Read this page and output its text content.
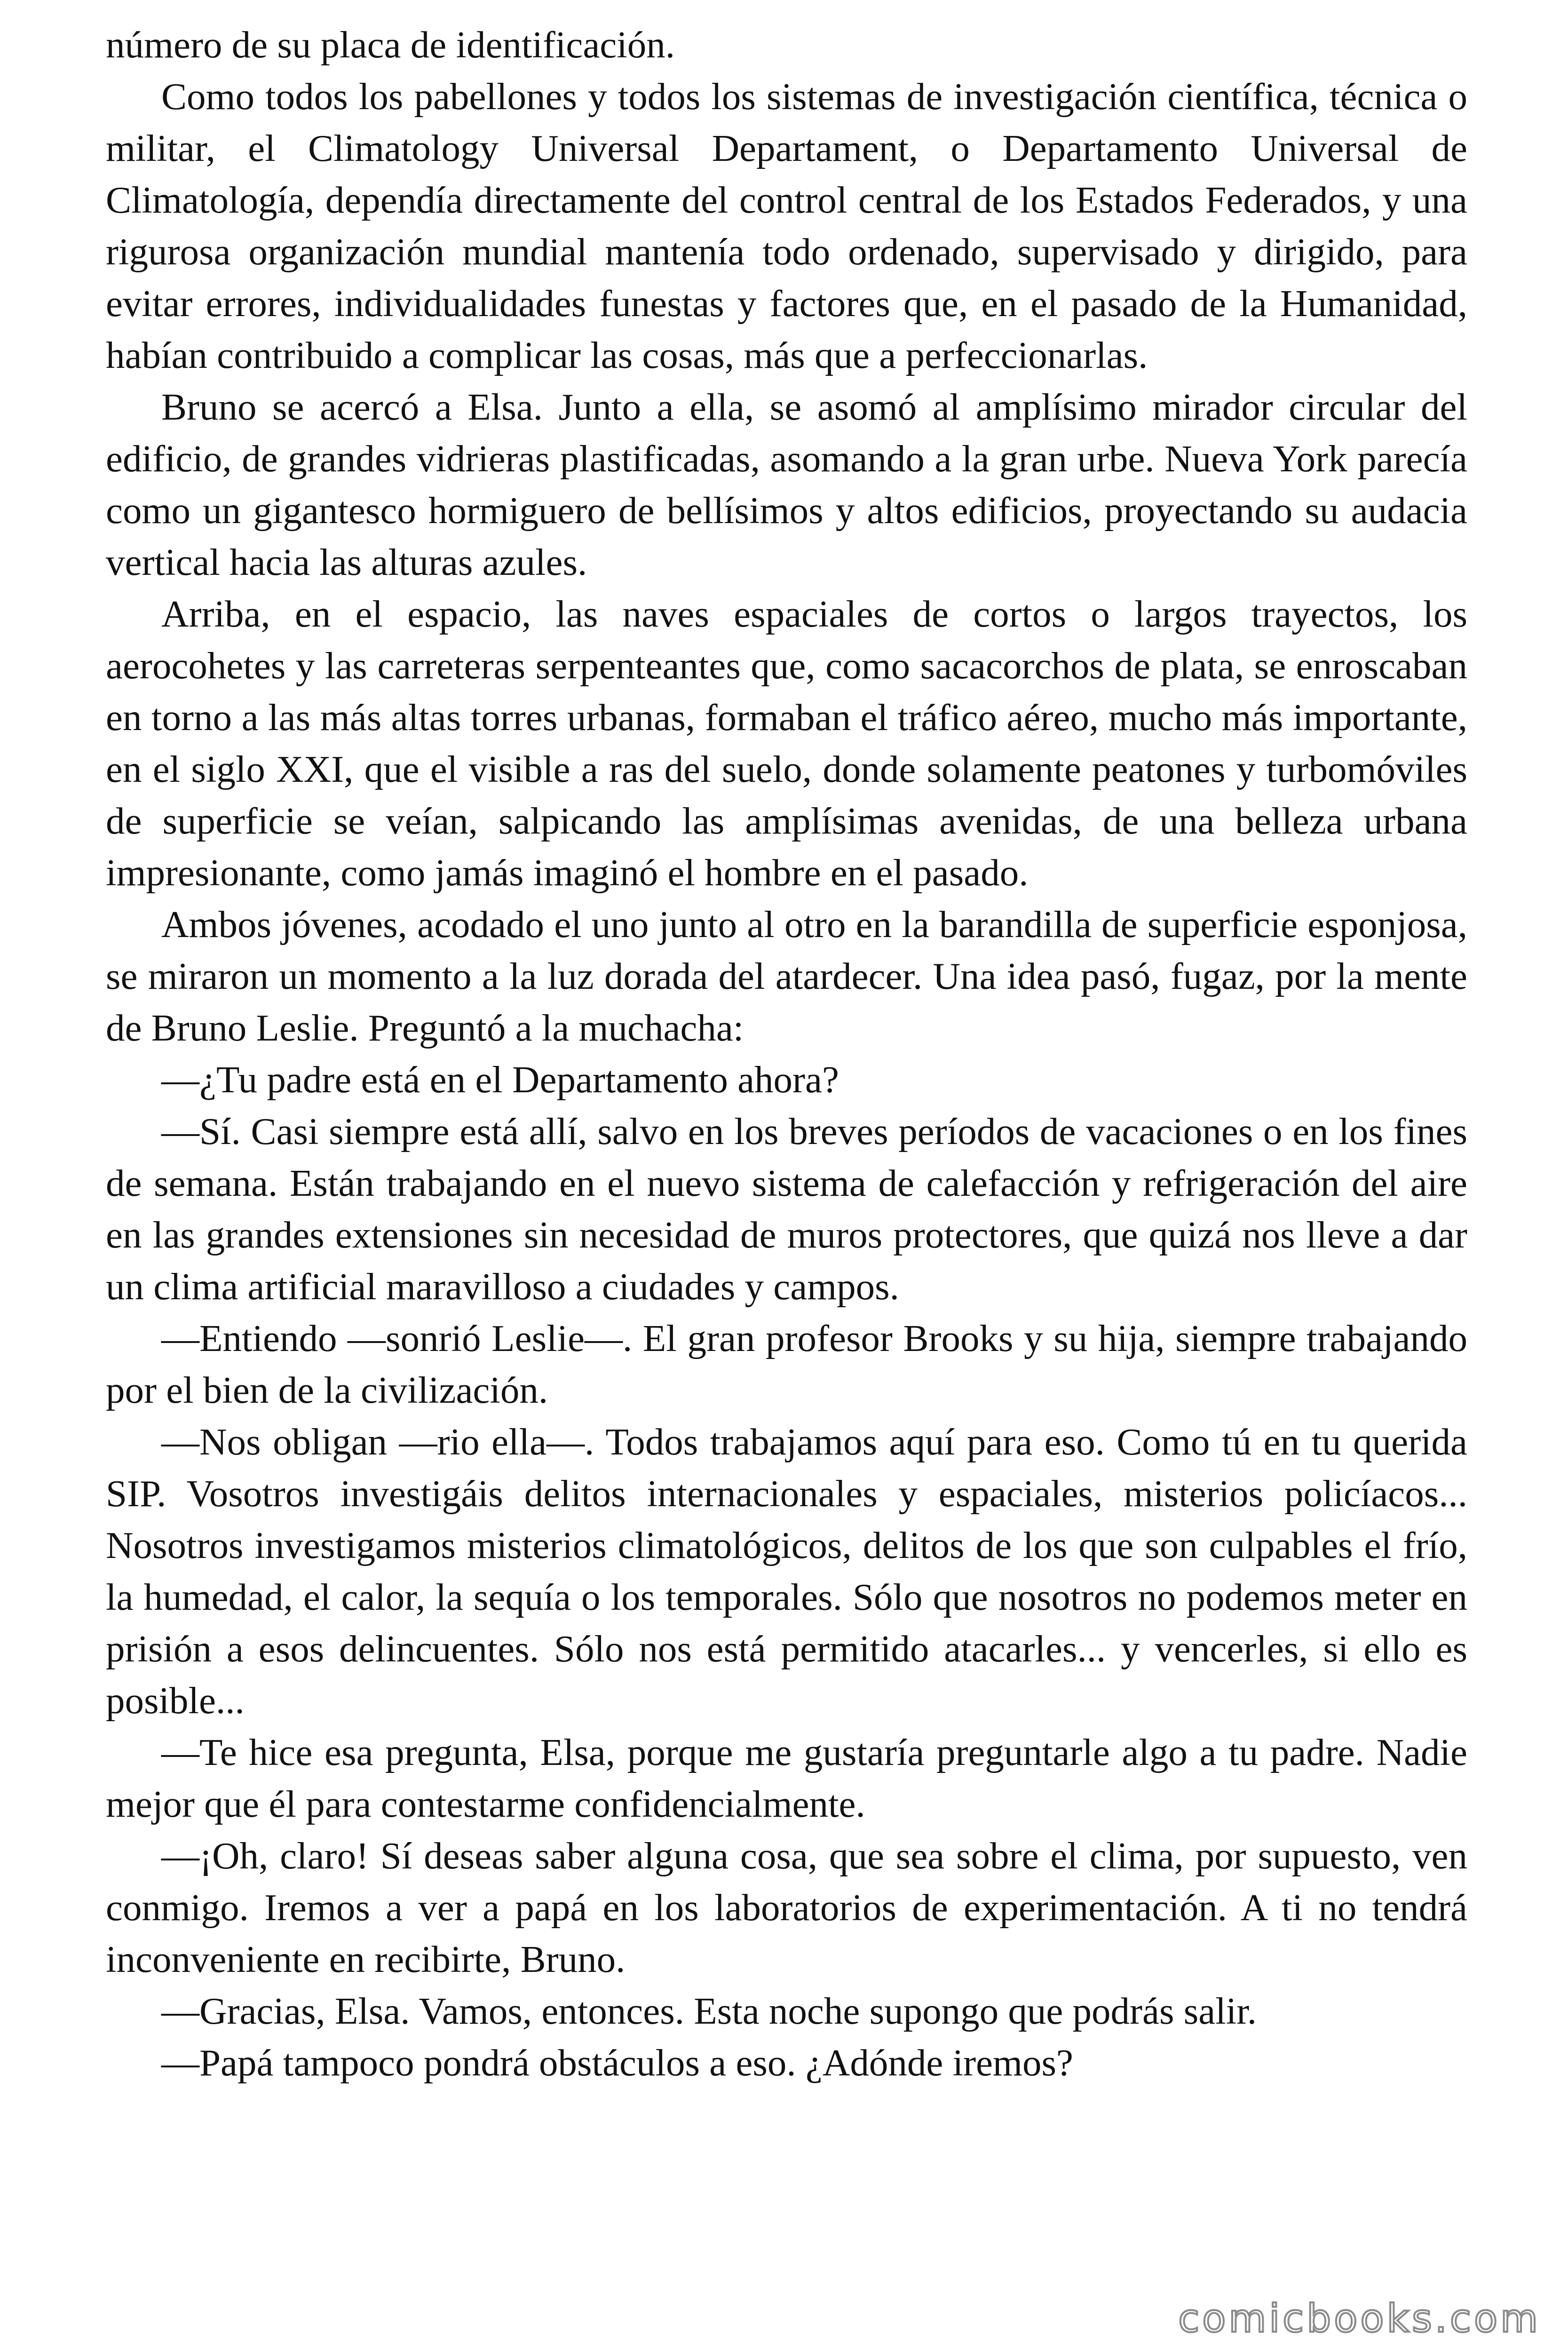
número de su placa de identificación.

Como todos los pabellones y todos los sistemas de investigación científica, técnica o militar, el Climatology Universal Departament, o Departamento Universal de Climatología, dependía directamente del control central de los Estados Federados, y una rigurosa organización mundial mantenía todo ordenado, supervisado y dirigido, para evitar errores, individualidades funestas y factores que, en el pasado de la Humanidad, habían contribuido a complicar las cosas, más que a perfeccionarlas.

Bruno se acercó a Elsa. Junto a ella, se asomó al amplísimo mirador circular del edificio, de grandes vidrieras plastificadas, asomando a la gran urbe. Nueva York parecía como un gigantesco hormiguero de bellísimos y altos edificios, proyectando su audacia vertical hacia las alturas azules.

Arriba, en el espacio, las naves espaciales de cortos o largos trayectos, los aerocohetes y las carreteras serpenteantes que, como sacacorchos de plata, se enroscaban en torno a las más altas torres urbanas, formaban el tráfico aéreo, mucho más importante, en el siglo XXI, que el visible a ras del suelo, donde solamente peatones y turbomóviles de superficie se veían, salpicando las amplísimas avenidas, de una belleza urbana impresionante, como jamás imaginó el hombre en el pasado.

Ambos jóvenes, acodado el uno junto al otro en la barandilla de superficie esponjosa, se miraron un momento a la luz dorada del atardecer. Una idea pasó, fugaz, por la mente de Bruno Leslie. Preguntó a la muchacha:

—¿Tu padre está en el Departamento ahora?

—Sí. Casi siempre está allí, salvo en los breves períodos de vacaciones o en los fines de semana. Están trabajando en el nuevo sistema de calefacción y refrigeración del aire en las grandes extensiones sin necesidad de muros protectores, que quizá nos lleve a dar un clima artificial maravilloso a ciudades y campos.

—Entiendo —sonrió Leslie—. El gran profesor Brooks y su hija, siempre trabajando por el bien de la civilización.

—Nos obligan —rio ella—. Todos trabajamos aquí para eso. Como tú en tu querida SIP. Vosotros investigáis delitos internacionales y espaciales, misterios policíacos... Nosotros investigamos misterios climatológicos, delitos de los que son culpables el frío, la humedad, el calor, la sequía o los temporales. Sólo que nosotros no podemos meter en prisión a esos delincuentes. Sólo nos está permitido atacarles... y vencerles, si ello es posible...

—Te hice esa pregunta, Elsa, porque me gustaría preguntarle algo a tu padre. Nadie mejor que él para contestarme confidencialmente.

—¡Oh, claro! Sí deseas saber alguna cosa, que sea sobre el clima, por supuesto, ven conmigo. Iremos a ver a papá en los laboratorios de experimentación. A ti no tendrá inconveniente en recibirte, Bruno.

—Gracias, Elsa. Vamos, entonces. Esta noche supongo que podrás salir.

—Papá tampoco pondrá obstáculos a eso. ¿Adónde iremos?

comicbooks.com
